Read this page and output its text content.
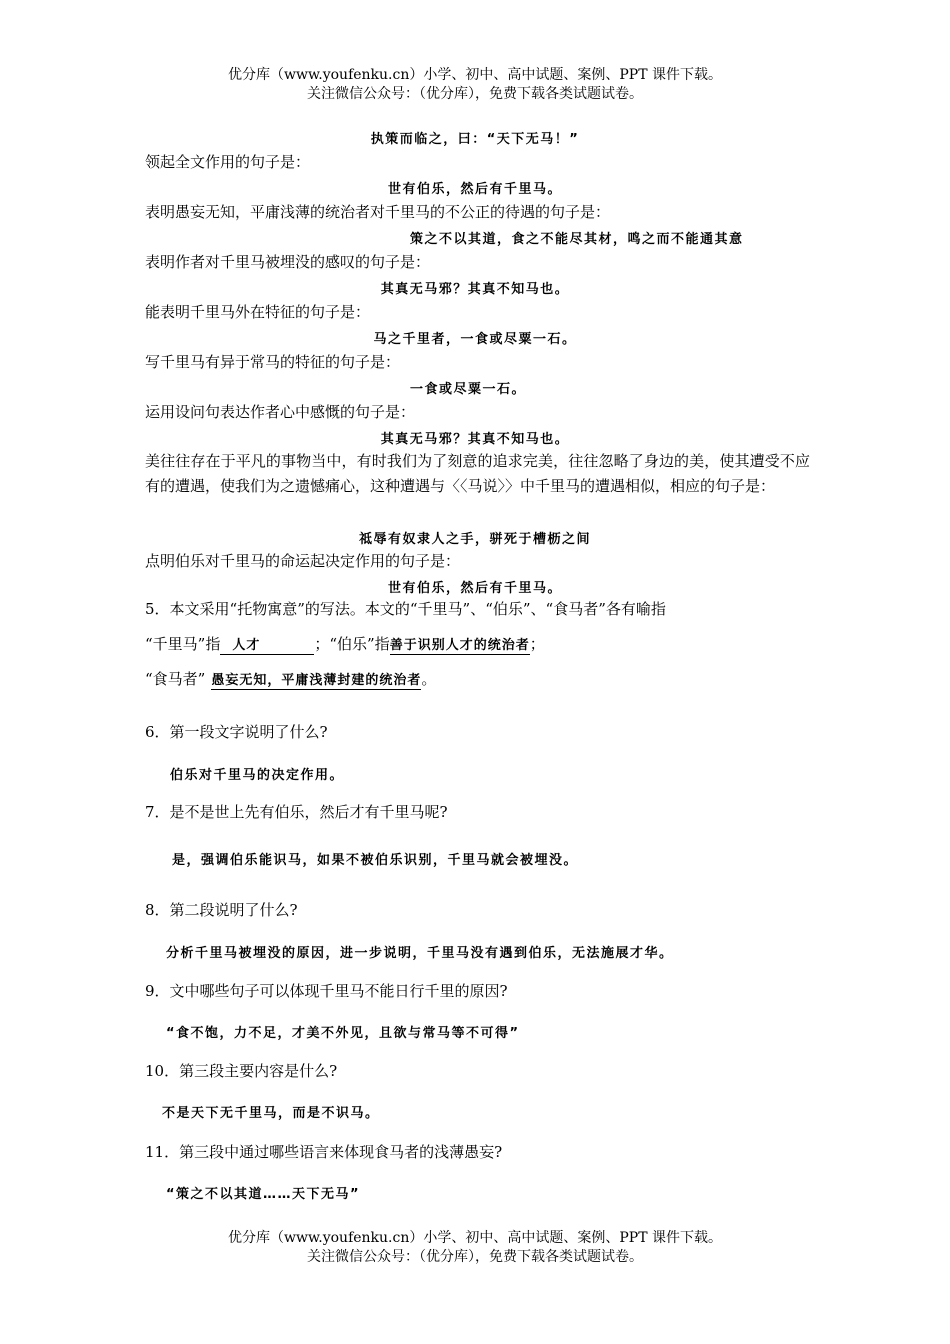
优分库（www.youfenku.cn）小学、初中、高中试题、案例、PPT 课件下载。
关注微信公众号：（优分库），免费下载各类试题试卷。
执策而临之，曰：“天下无马！”
领起全文作用的句子是：
世有伯乐，然后有千里马。
表明愚妄无知，平庸浅薄的统治者对千里马的不公正的待遇的句子是：
策之不以其道，食之不能尽其材，鸣之而不能通其意
表明作者对千里马被埋没的感叹的句子是：
其真无马邪？其真不知马也。
能表明千里马外在特征的句子是：
马之千里者，一食或尽粟一石。
写千里马有异于常马的特征的句子是：
一食或尽粟一石。
运用设问句表达作者心中感慨的句子是：
其真无马邪？其真不知马也。
美往往存在于平凡的事物当中，有时我们为了刻意的追求完美，往往忽略了身边的美，使其遭受不应有的遭遇，使我们为之遗憾痛心，这种遭遇与〈〈马说〉〉中千里马的遭遇相似，相应的句子是：
祗辱有奴隶人之手，骈死于槽枥之间
点明伯乐对千里马的命运起决定作用的句子是：
世有伯乐，然后有千里马。
5．本文采用“托物寓意”的写法。本文的“千里马”、“伯乐”、“食马者”各有喻指
“千里马”指 人才	；“伯乐”指善于识别人才的统治者；
“食马者” 愚妄无知，平庸浅薄封建的统治者。
6．第一段文字说明了什么?
伯乐对千里马的决定作用。
7．是不是世上先有伯乐，然后才有千里马呢?
是，强调伯乐能识马，如果不被伯乐识别，千里马就会被埋没。
8．第二段说明了什么?
分析千里马被埋没的原因，进一步说明，千里马没有遇到伯乐，无法施展才华。
9．文中哪些句子可以体现千里马不能日行千里的原因?
“食不饱，力不足，才美不外见，且欲与常马等不可得”
10．第三段主要内容是什么?
不是天下无千里马，而是不识马。
11．第三段中通过哪些语言来体现食马者的浅薄愚妄?
“策之不以其道……天下无马”
优分库（www.youfenku.cn）小学、初中、高中试题、案例、PPT 课件下载。
关注微信公众号：（优分库），免费下载各类试题试卷。
